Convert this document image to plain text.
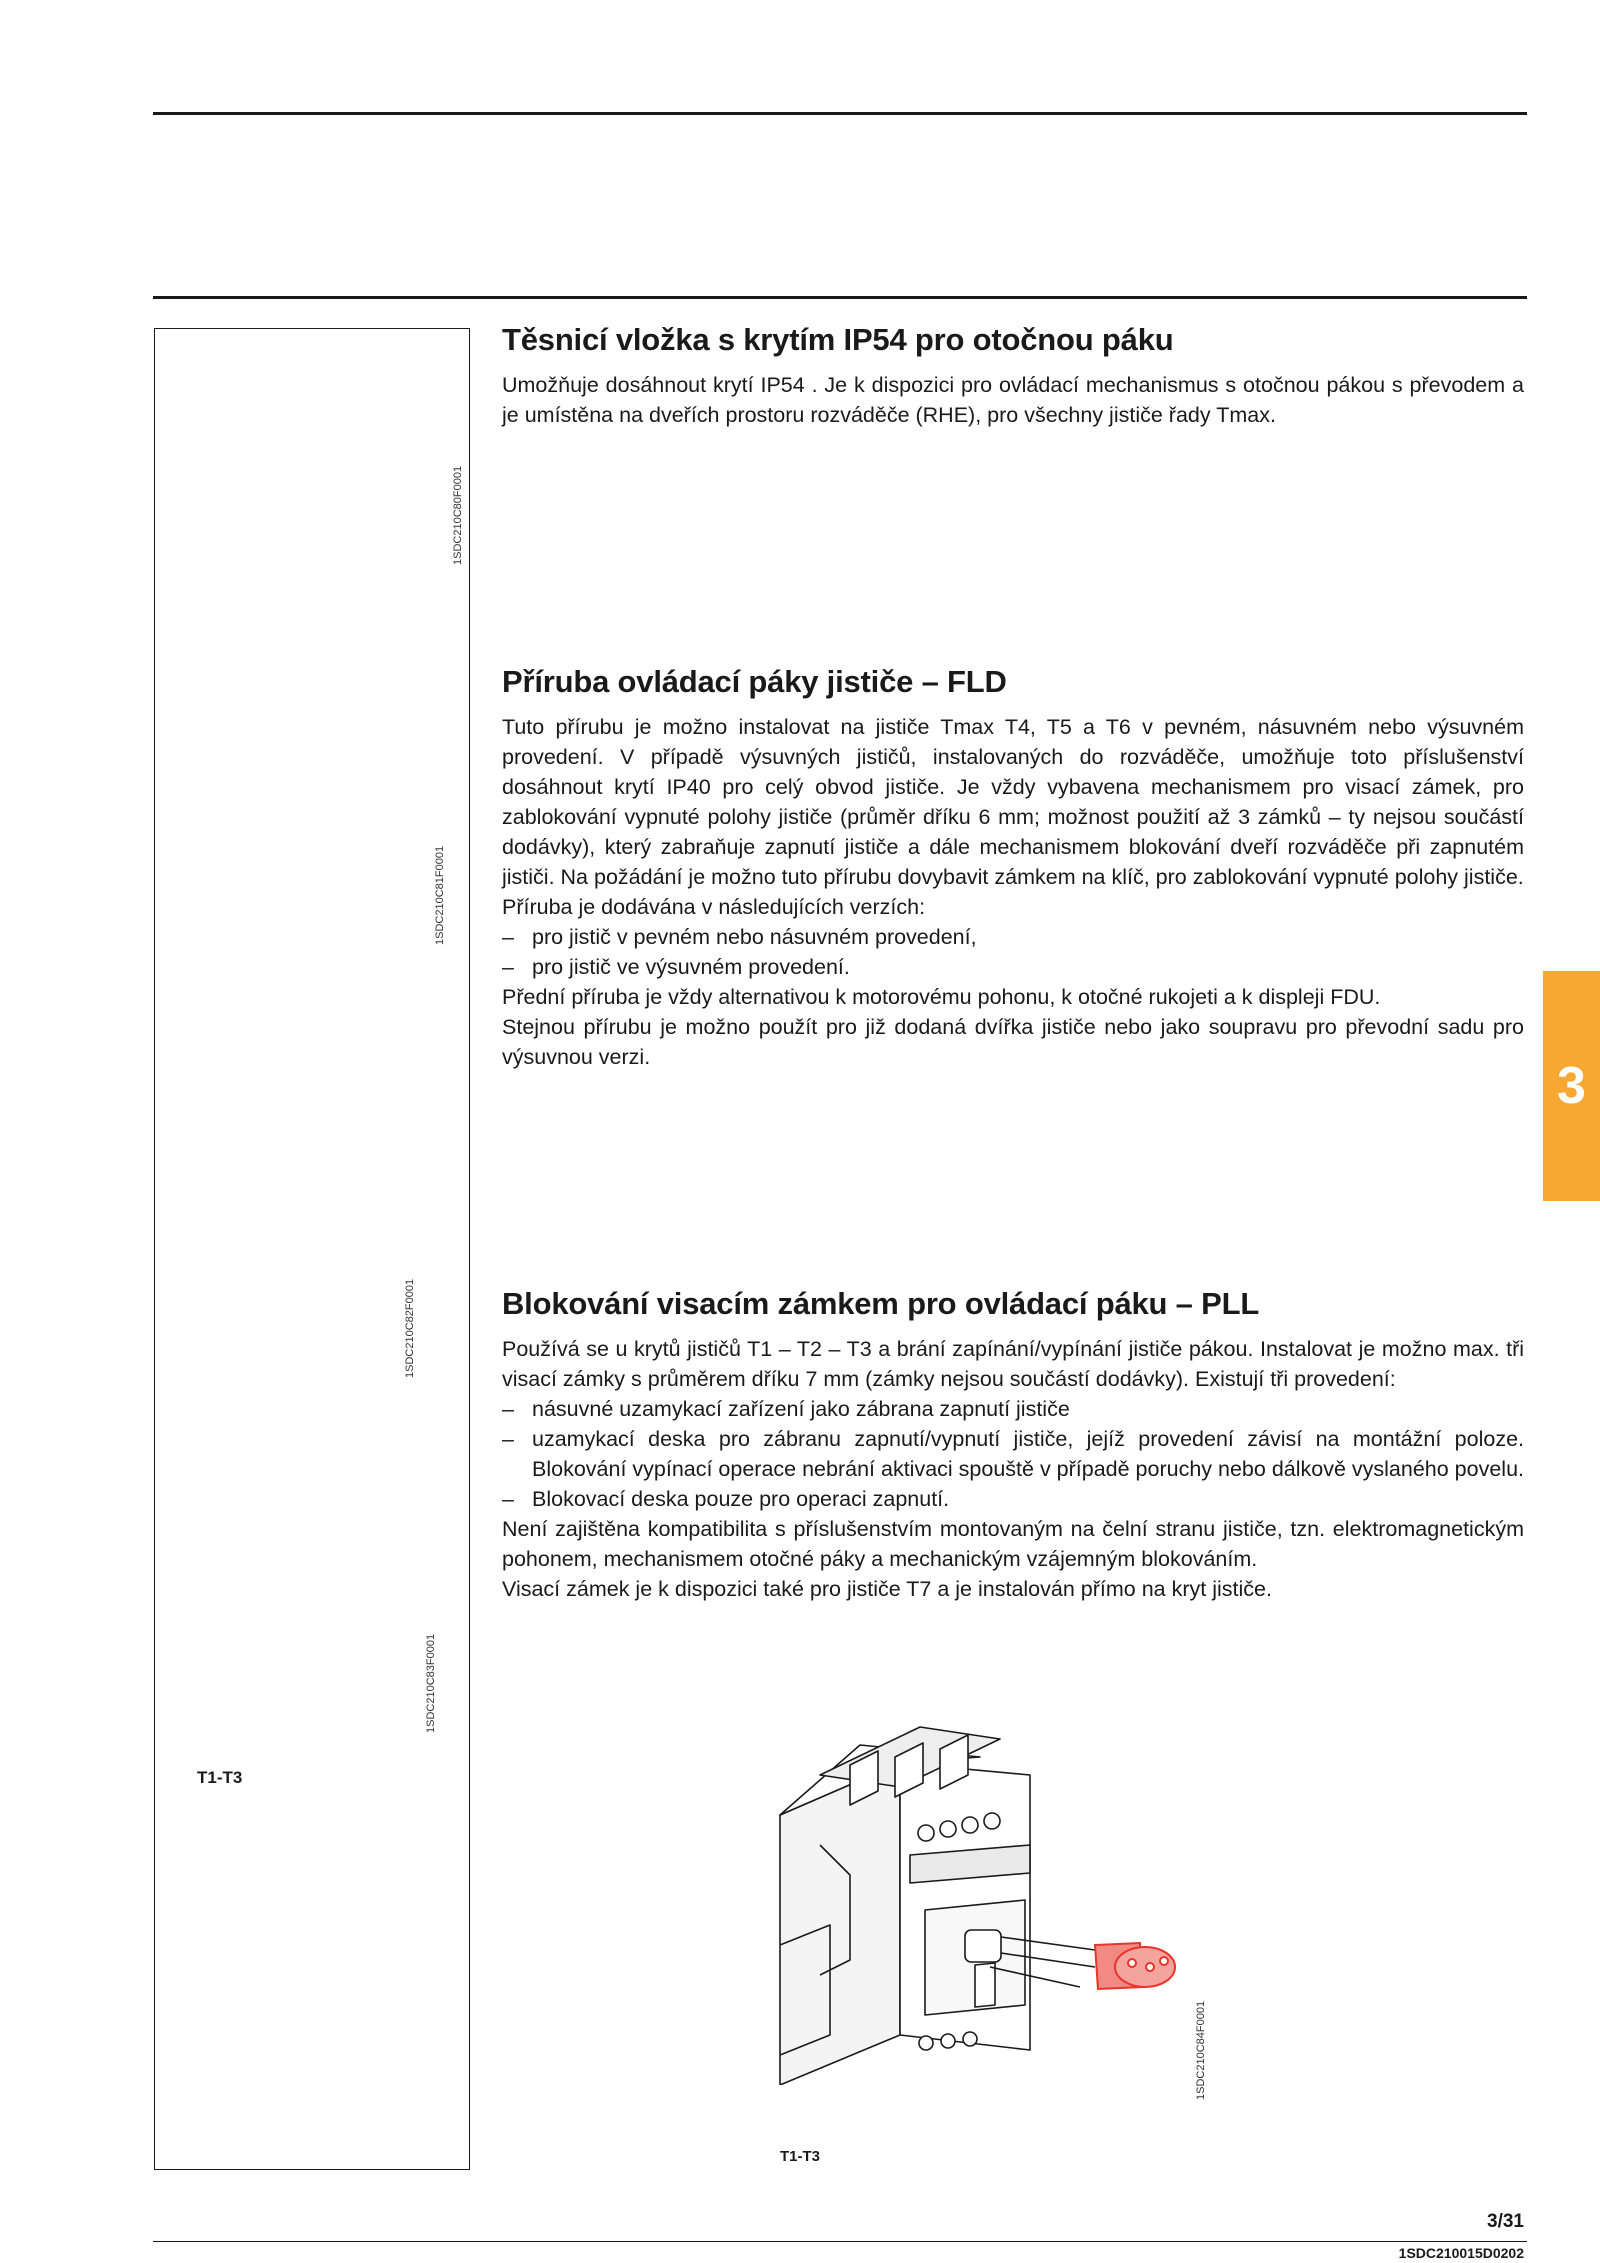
1SDC210C80F0001
1SDC210C81F0001
1SDC210C82F0001
1SDC210C83F0001
T1-T3
Těsnicí vložka s krytím IP54 pro otočnou páku

Umožňuje dosáhnout krytí IP54 . Je k dispozici pro ovládací mechanismus s otočnou pákou s převodem a je umístěna na dveřích prostoru rozváděče (RHE), pro všechny jističe řady Tmax.

Příruba ovládací páky jističe – FLD

Tuto přírubu je možno instalovat na jističe Tmax T4, T5 a T6 v pevném, násuvném nebo výsuvném provedení. V případě výsuvných jističů, instalovaných do rozváděče, umožňuje toto příslušenství dosáhnout krytí IP40 pro celý obvod jističe. Je vždy vybavena mechanismem pro visací zámek, pro zablokování vypnuté polohy jističe (průměr dříku 6 mm; možnost použití až 3 zámků – ty nejsou součástí dodávky), který zabraňuje zapnutí jističe a dále mechanismem blokování dveří rozváděče při zapnutém jističi. Na požádání je možno tuto přírubu dovybavit zámkem na klíč, pro zablokování vypnuté polohy jističe.

Příruba je dodávána v následujících verzích:

– pro jistič v pevném nebo násuvném provedení,
– pro jistič ve výsuvném provedení.

Přední příruba je vždy alternativou k motorovému pohonu, k otočné rukojeti a k displeji FDU.

Stejnou přírubu je možno použít pro již dodaná dvířka jističe nebo jako soupravu pro převodní sadu pro výsuvnou verzi.

3
Blokování visacím zámkem pro ovládací páku – PLL

Používá se u krytů jističů T1 – T2 – T3 a brání zapínání/vypínání jističe pákou. Instalovat je možno max. tři visací zámky s průměrem dříku 7 mm (zámky nejsou součástí dodávky). Existují tři provedení:

– násuvné uzamykací zařízení jako zábrana zapnutí jističe
– uzamykací deska pro zábranu zapnutí/vypnutí jističe, jejíž provedení závisí na montážní poloze. Blokování vypínací operace nebrání aktivaci spouště v případě poruchy nebo dálkově vyslaného povelu.
– Blokovací deska pouze pro operaci zapnutí.

Není zajištěna kompatibilita s příslušenstvím montovaným na čelní stranu jističe, tzn. elektromagnetickým pohonem, mechanismem otočné páky a mechanickým vzájemným blokováním.

Visací zámek je k dispozici také pro jističe T7 a je instalován přímo na kryt jističe.

1SDC210C84F0001
T1-T3
3/31
1SDC210015D0202
